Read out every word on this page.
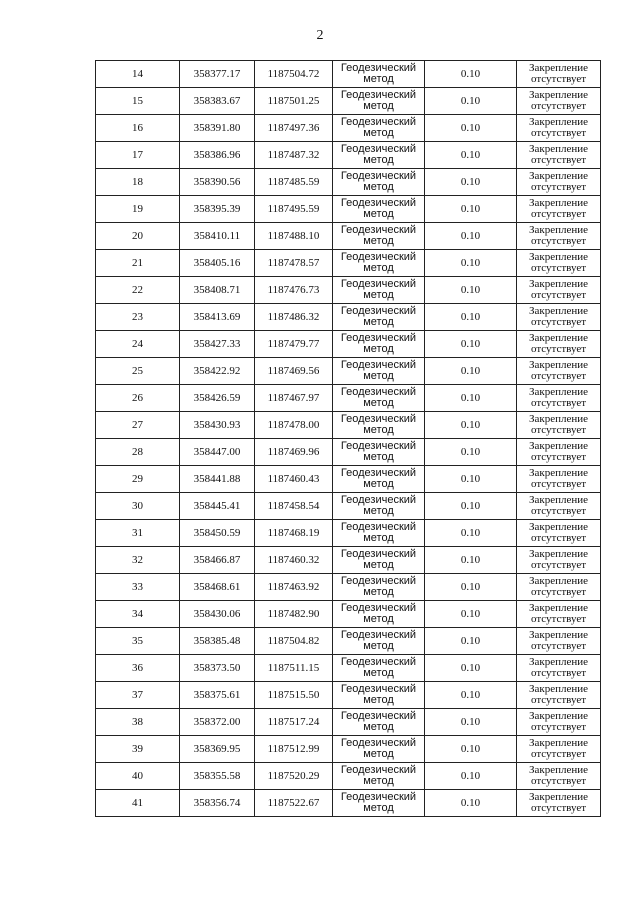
2
14	358377.17	1187504.72	Геодезический
метод	0.10	Закрепление
отсутствует

15	358383.67	1187501.25	Геодезический
метод	0.10	Закрепление
отсутствует

16	358391.80	1187497.36	Геодезический
метод	0.10	Закрепление
отсутствует

17	358386.96	1187487.32	Геодезический
метод	0.10	Закрепление
отсутствует

18	358390.56	1187485.59	Геодезический
метод	0.10	Закрепление
отсутствует

19	358395.39	1187495.59	Геодезический
метод	0.10	Закрепление
отсутствует

20	358410.11	1187488.10	Геодезический
метод	0.10	Закрепление
отсутствует

21	358405.16	1187478.57	Геодезический
метод	0.10	Закрепление
отсутствует

22	358408.71	1187476.73	Геодезический
метод	0.10	Закрепление
отсутствует

23	358413.69	1187486.32	Геодезический
метод	0.10	Закрепление
отсутствует

24	358427.33	1187479.77	Геодезический
метод	0.10	Закрепление
отсутствует

25	358422.92	1187469.56	Геодезический
метод	0.10	Закрепление
отсутствует

26	358426.59	1187467.97	Геодезический
метод	0.10	Закрепление
отсутствует

27	358430.93	1187478.00	Геодезический
метод	0.10	Закрепление
отсутствует

28	358447.00	1187469.96	Геодезический
метод	0.10	Закрепление
отсутствует

29	358441.88	1187460.43	Геодезический
метод	0.10	Закрепление
отсутствует

30	358445.41	1187458.54	Геодезический
метод	0.10	Закрепление
отсутствует

31	358450.59	1187468.19	Геодезический
метод	0.10	Закрепление
отсутствует

32	358466.87	1187460.32	Геодезический
метод	0.10	Закрепление
отсутствует

33	358468.61	1187463.92	Геодезический
метод	0.10	Закрепление
отсутствует

34	358430.06	1187482.90	Геодезический
метод	0.10	Закрепление
отсутствует

35	358385.48	1187504.82	Геодезический
метод	0.10	Закрепление
отсутствует

36	358373.50	1187511.15	Геодезический
метод	0.10	Закрепление
отсутствует

37	358375.61	1187515.50	Геодезический
метод	0.10	Закрепление
отсутствует

38	358372.00	1187517.24	Геодезический
метод	0.10	Закрепление
отсутствует

39	358369.95	1187512.99	Геодезический
метод	0.10	Закрепление
отсутствует

40	358355.58	1187520.29	Геодезический
метод	0.10	Закрепление
отсутствует

41	358356.74	1187522.67	Геодезический
метод	0.10	Закрепление
отсутствует
